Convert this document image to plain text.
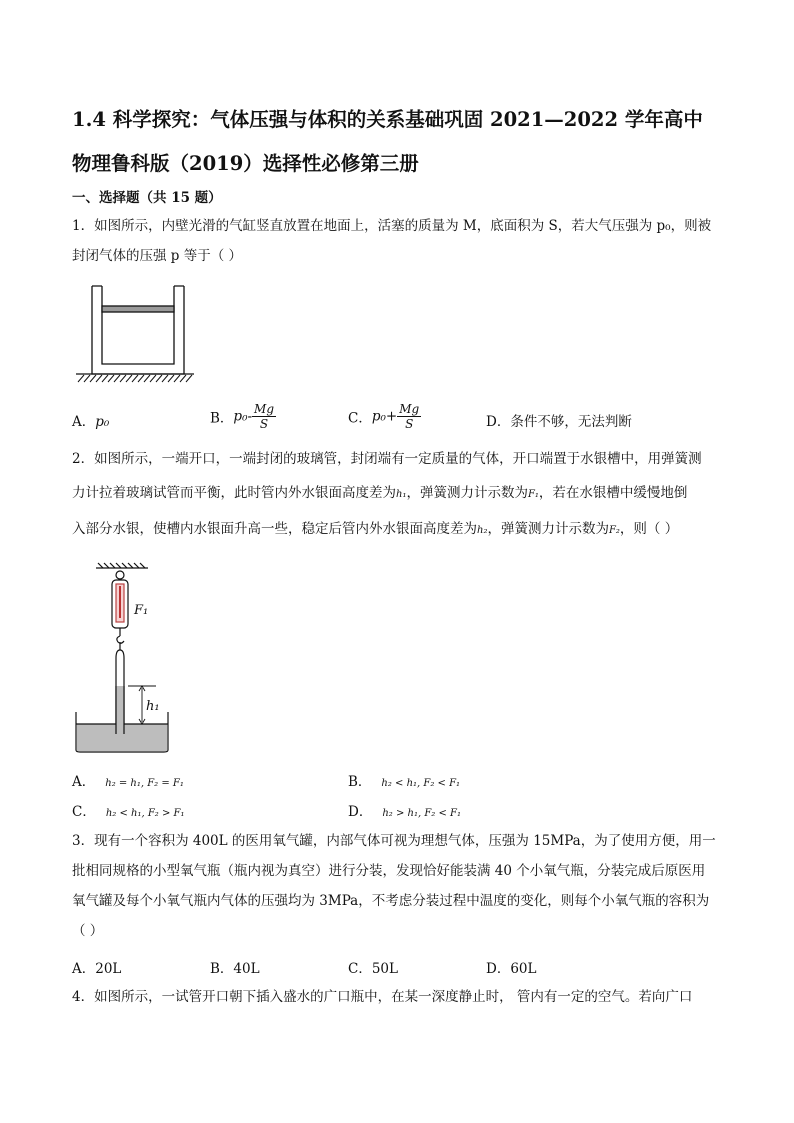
1.4 科学探究：气体压强与体积的关系基础巩固 2021—2022 学年高中
物理鲁科版（2019）选择性必修第三册
一、选择题（共 15 题）
1．如图所示，内壁光滑的气缸竖直放置在地面上，活塞的质量为 M，底面积为 S，若大气压强为 p₀，则被
封闭气体的压强 p 等于（ ）
A．p₀	B．$p_0- \frac{Mg}{S}$	C．$p_0+ \frac{Mg}{S}$	D．条件不够，无法判断
2．如图所示，一端开口，一端封闭的玻璃管，封闭端有一定质量的气体，开口端置于水银槽中，用弹簧测
力计拉着玻璃试管而平衡，此时管内外水银面高度差为h₁，弹簧测力计示数为F₁，若在水银槽中缓慢地倒
入部分水银，使槽内水银面升高一些，稳定后管内外水银面高度差为h₂，弹簧测力计示数为F₂，则（ ）
F₁
h₁
A． h₂ = h₁, F₂ = F₁	B． h₂ < h₁, F₂ < F₁
C． h₂ < h₁, F₂ > F₁	D． h₂ > h₁, F₂ < F₁
3．现有一个容积为 400L 的医用氧气罐，内部气体可视为理想气体，压强为 15MPa，为了使用方便，用一
批相同规格的小型氧气瓶（瓶内视为真空）进行分装，发现恰好能装满 40 个小氧气瓶，分装完成后原医用
氧气罐及每个小氧气瓶内气体的压强均为 3MPa，不考虑分装过程中温度的变化，则每个小氧气瓶的容积为
（ ）
A．20L	B．40L	C．50L	D．60L
4．如图所示，一试管开口朝下插入盛水的广口瓶中，在某一深度静止时， 管内有一定的空气。若向广口
